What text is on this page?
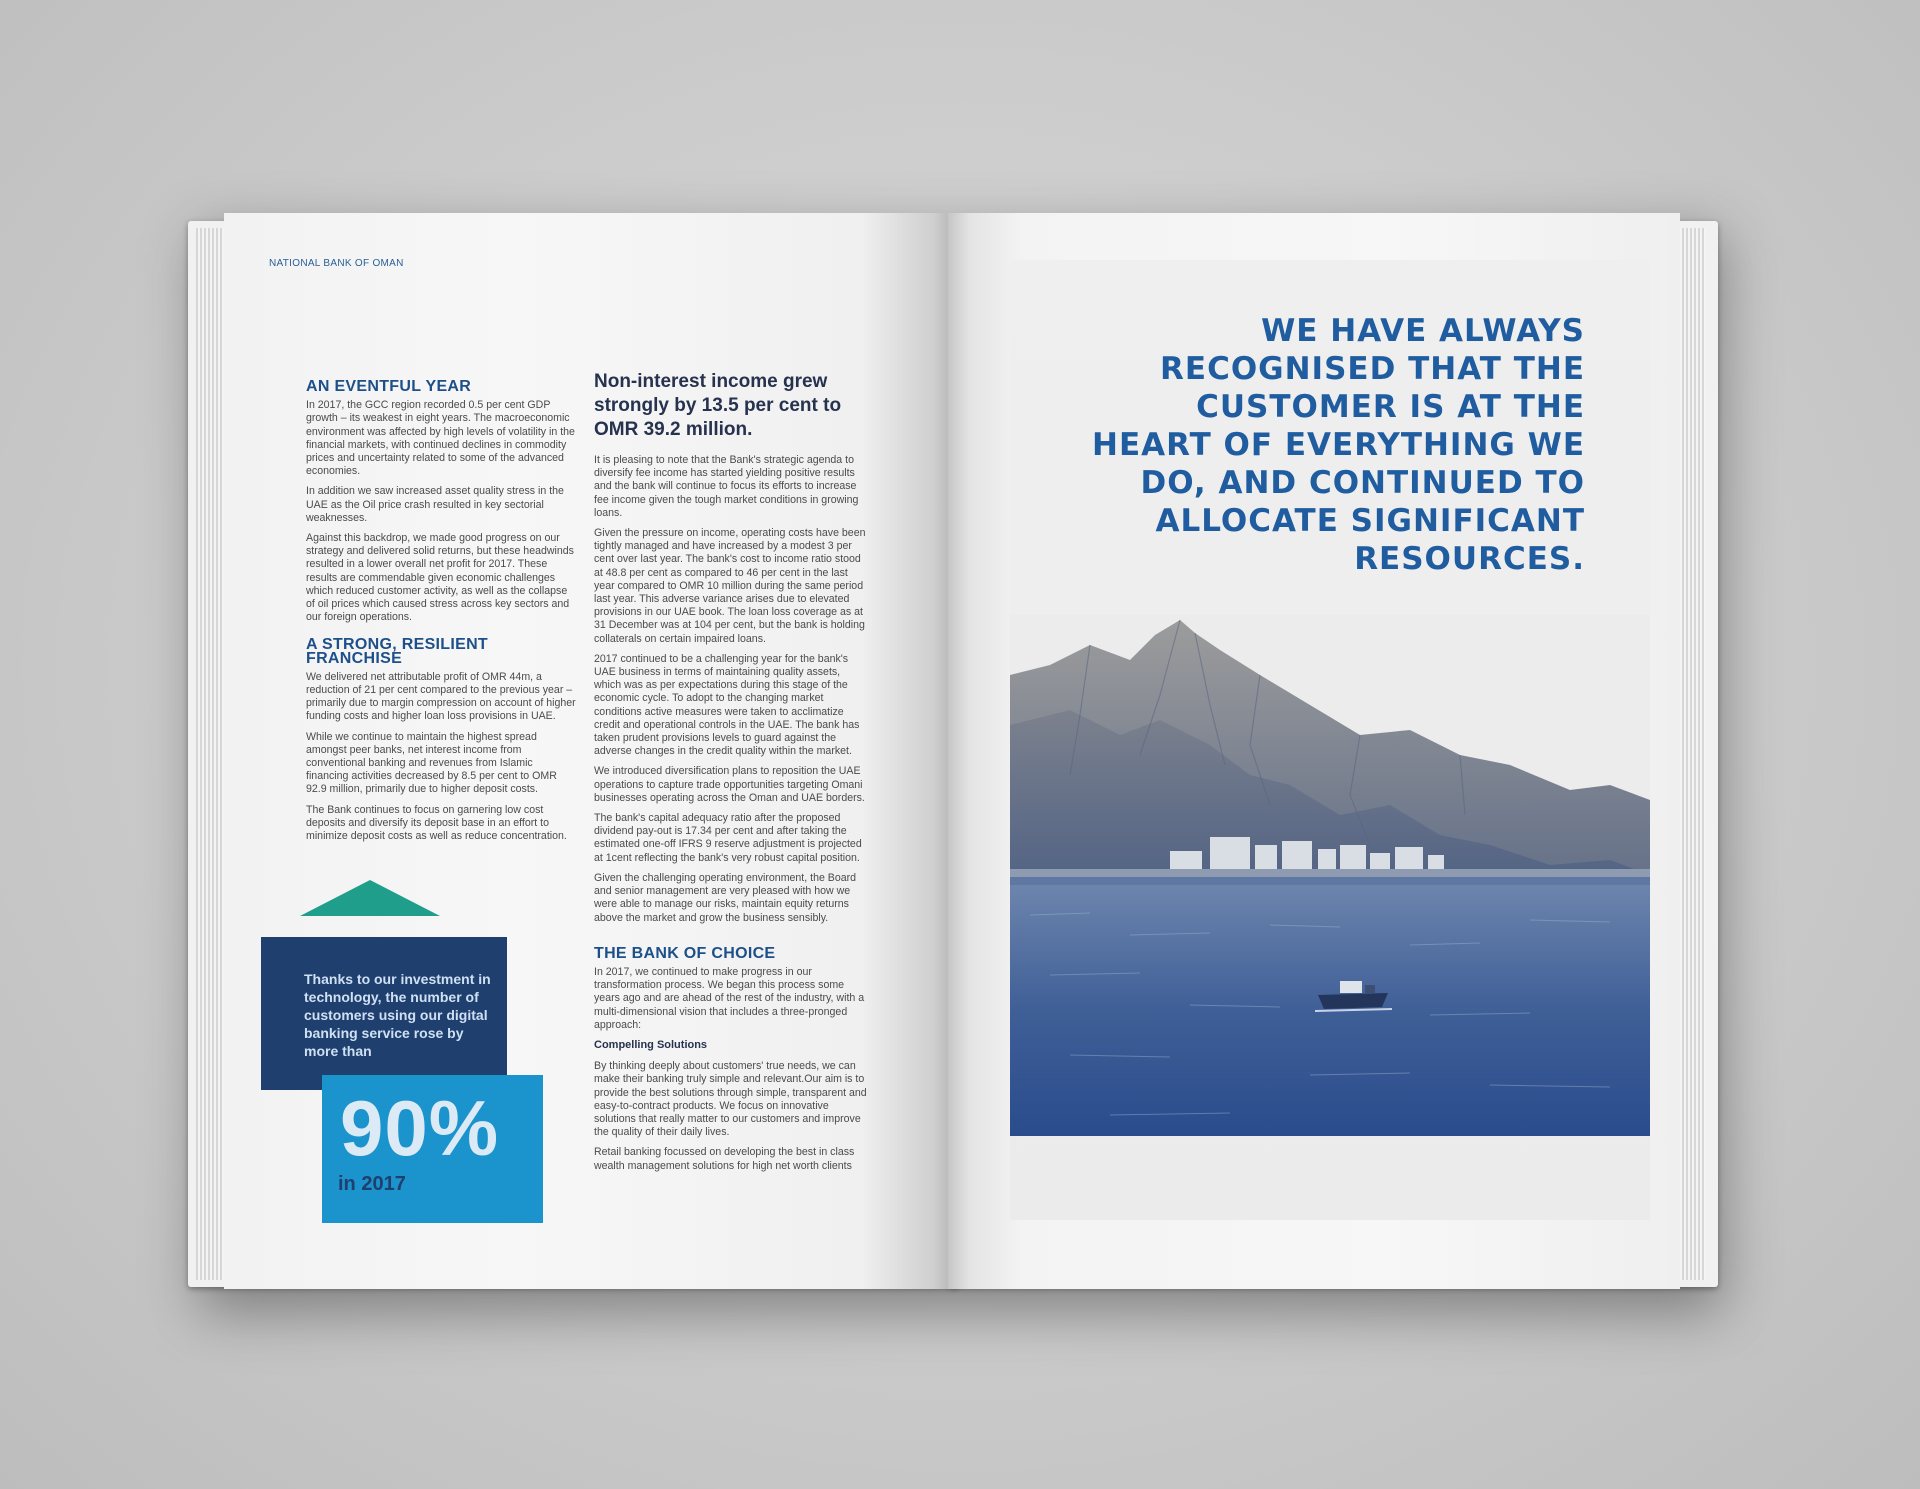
NATIONAL BANK OF OMAN
AN EVENTFUL YEAR

In 2017, the GCC region recorded 0.5 per cent GDP growth – its weakest in eight years. The macroeconomic environment was affected by high levels of volatility in the financial markets, with continued declines in commodity prices and uncertainty related to some of the advanced economies.

In addition we saw increased asset quality stress in the UAE as the Oil price crash resulted in key sectorial weaknesses.

Against this backdrop, we made good progress on our strategy and delivered solid returns, but these headwinds resulted in a lower overall net profit for 2017. These results are commendable given economic challenges which reduced customer activity, as well as the collapse of oil prices which caused stress across key sectors and our foreign operations.

A STRONG, RESILIENT FRANCHISE

We delivered net attributable profit of OMR 44m, a reduction of 21 per cent compared to the previous year – primarily due to margin compression on account of higher funding costs and higher loan loss provisions in UAE.

While we continue to maintain the highest spread amongst peer banks, net interest income from conventional banking and revenues from Islamic financing activities decreased by 8.5 per cent to OMR 92.9 million, primarily due to higher deposit costs.

The Bank continues to focus on garnering low cost deposits and diversify its deposit base in an effort to minimize deposit costs as well as reduce concentration.

Thanks to our investment in technology, the number of customers using our digital banking service rose by more than
90%
in 2017
Non-interest income grew strongly by 13.5 per cent to OMR 39.2 million.

It is pleasing to note that the Bank's strategic agenda to diversify fee income has started yielding positive results and the bank will continue to focus its efforts to increase fee income given the tough market conditions in growing loans.

Given the pressure on income, operating costs have been tightly managed and have increased by a modest 3 per cent over last year. The bank's cost to income ratio stood at 48.8 per cent as compared to 46 per cent in the last year compared to OMR 10 million during the same period last year. This adverse variance arises due to elevated provisions in our UAE book. The loan loss coverage as at 31 December was at 104 per cent, but the bank is holding collaterals on certain impaired loans.

2017 continued to be a challenging year for the bank's UAE business in terms of maintaining quality assets, which was as per expectations during this stage of the economic cycle. To adopt to the changing market conditions active measures were taken to acclimatize credit and operational controls in the UAE. The bank has taken prudent provisions levels to guard against the adverse changes in the credit quality within the market.

We introduced diversification plans to reposition the UAE operations to capture trade opportunities targeting Omani businesses operating across the Oman and UAE borders.

The bank's capital adequacy ratio after the proposed dividend pay-out is 17.34 per cent and after taking the estimated one-off IFRS 9 reserve adjustment is projected at 1cent reflecting the bank's very robust capital position.

Given the challenging operating environment, the Board and senior management are very pleased with how we were able to manage our risks, maintain equity returns above the market and grow the business sensibly.

THE BANK OF CHOICE

In 2017, we continued to make progress in our transformation process. We began this process some years ago and are ahead of the rest of the industry, with a multi-dimensional vision that includes a three-pronged approach:

Compelling Solutions

By thinking deeply about customers' true needs, we can make their banking truly simple and relevant.Our aim is to provide the best solutions through simple, transparent and easy-to-contract products. We focus on innovative solutions that really matter to our customers and improve the quality of their daily lives.

Retail banking focussed on developing the best in class wealth management solutions for high net worth clients

WE HAVE ALWAYS RECOGNISED THAT THE CUSTOMER IS AT THE HEART OF EVERYTHING WE DO, AND CONTINUED TO ALLOCATE SIGNIFICANT RESOURCES.
